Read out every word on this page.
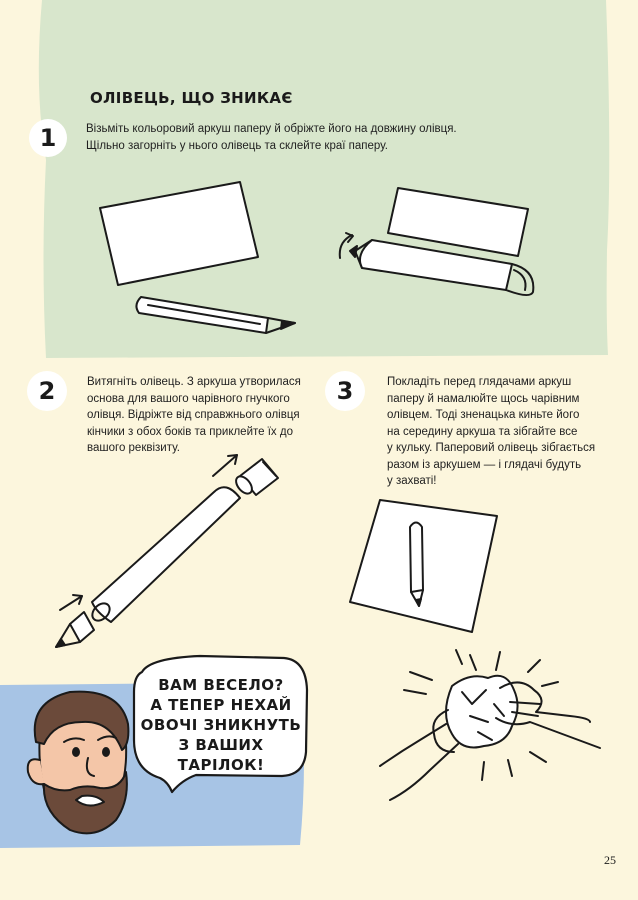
ОЛІВЕЦЬ, ЩО ЗНИКАЄ
1	Візьміть кольоровий аркуш паперу й обріжте його на довжину олівця.
Щільно загорніть у нього олівець та склейте краї паперу.
2	Витягніть олівець. З аркуша утворилася
основа для вашого чарівного гнучкого
олівця. Відріжте від справжнього олівця
кінчики з обох боків та приклейте їх до
вашого реквізиту.
3	Покладіть перед глядачами аркуш
паперу й намалюйте щось чарівним
олівцем. Тоді зненацька киньте його
на середину аркуша та зібгайте все
у кульку. Паперовий олівець зібгається
разом із аркушем — і глядачі будуть
у захваті!
ВАМ ВЕСЕЛО?
А ТЕПЕР НЕХАЙ
ОВОЧІ ЗНИКНУТЬ
З ВАШИХ ТАРІЛОК!
25
